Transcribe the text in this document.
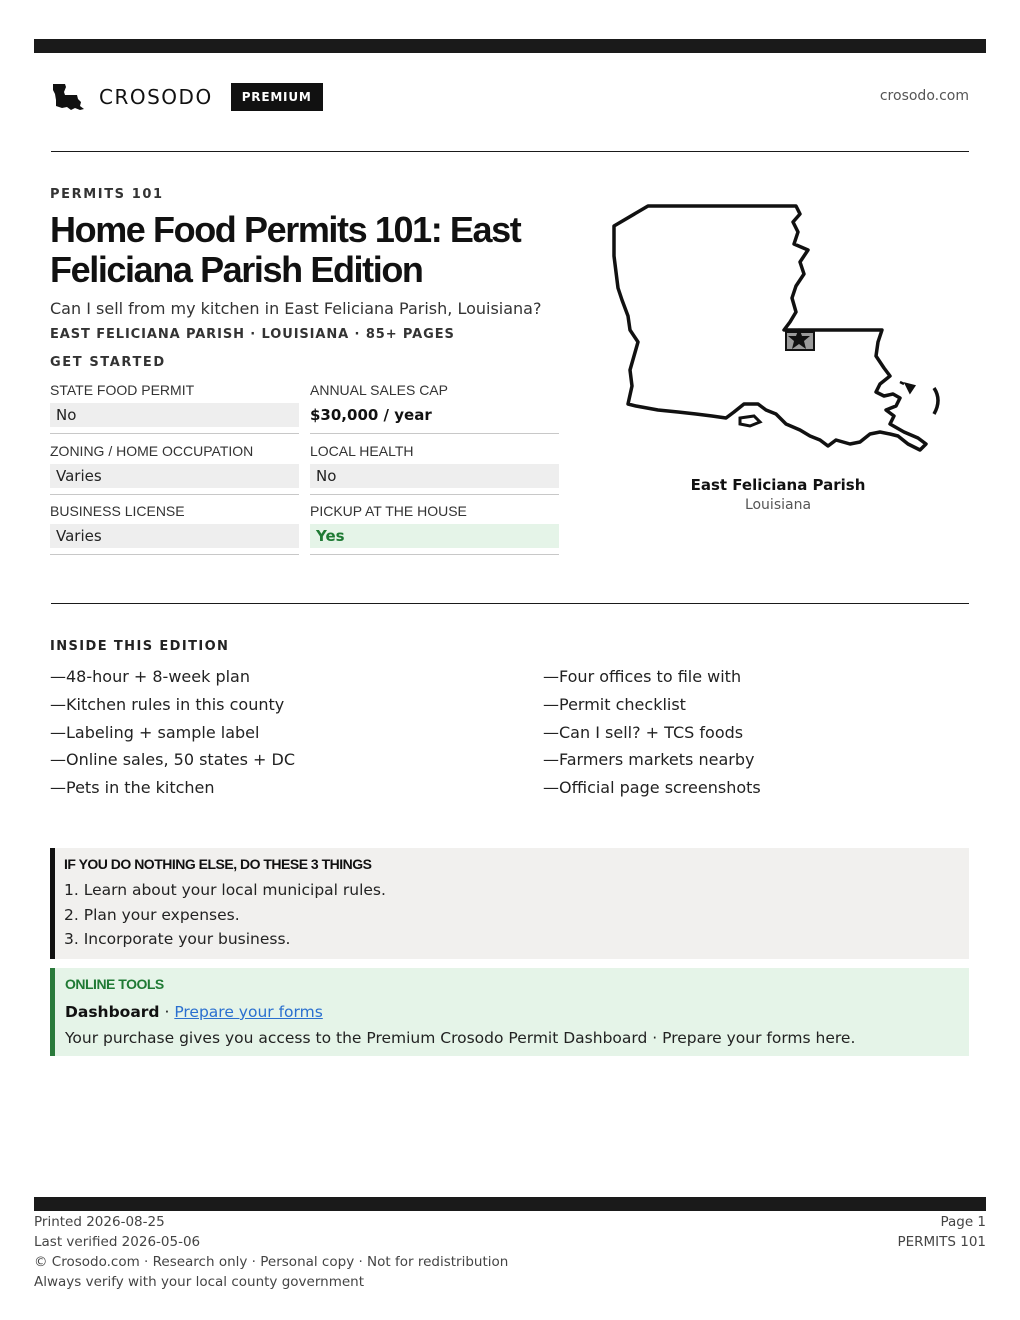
CROSODO	PREMIUM	crosodo.com
PERMITS 101
Home Food Permits 101: East Feliciana Parish Edition
Can I sell from my kitchen in East Feliciana Parish, Louisiana?
EAST FELICIANA PARISH · LOUISIANA · 85+ PAGES
GET STARTED
STATE FOOD PERMIT
No
ANNUAL SALES CAP
$30,000 / year
ZONING / HOME OCCUPATION
Varies
LOCAL HEALTH
No
BUSINESS LICENSE
Varies
PICKUP AT THE HOUSE
Yes
East Feliciana Parish
Louisiana
INSIDE THIS EDITION
—48-hour + 8-week plan
—Kitchen rules in this county
—Labeling + sample label
—Online sales, 50 states + DC
—Pets in the kitchen
—Four offices to file with
—Permit checklist
—Can I sell? + TCS foods
—Farmers markets nearby
—Official page screenshots
IF YOU DO NOTHING ELSE, DO THESE 3 THINGS
1. Learn about your local municipal rules.
2. Plan your expenses.
3. Incorporate your business.
ONLINE TOOLS
Dashboard · Prepare your forms
Your purchase gives you access to the Premium Crosodo Permit Dashboard · Prepare your forms here.
Printed 2026-08-25
Last verified 2026-05-06
© Crosodo.com · Research only · Personal copy · Not for redistribution
Always verify with your local county government
Page 1
PERMITS 101
